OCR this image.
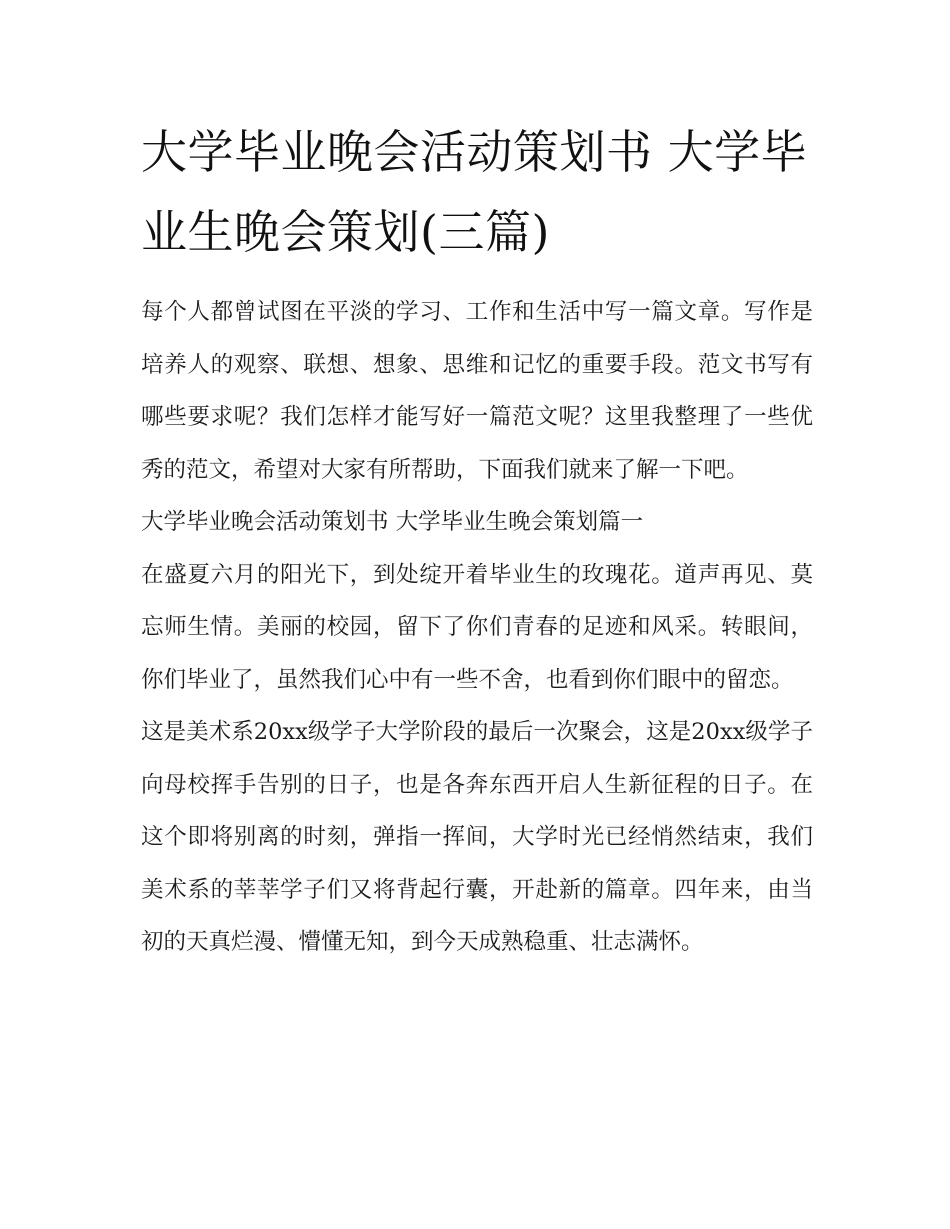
大学毕业晚会活动策划书 大学毕业生晚会策划(三篇)

每个人都曾试图在平淡的学习、工作和生活中写一篇文章。写作是培养人的观察、联想、想象、思维和记忆的重要手段。范文书写有哪些要求呢？我们怎样才能写好一篇范文呢？这里我整理了一些优秀的范文，希望对大家有所帮助，下面我们就来了解一下吧。

大学毕业晚会活动策划书 大学毕业生晚会策划篇一

在盛夏六月的阳光下，到处绽开着毕业生的玫瑰花。道声再见、莫忘师生情。美丽的校园，留下了你们青春的足迹和风采。转眼间，你们毕业了，虽然我们心中有一些不舍，也看到你们眼中的留恋。

这是美术系20xx级学子大学阶段的最后一次聚会，这是20xx级学子向母校挥手告别的日子，也是各奔东西开启人生新征程的日子。在这个即将别离的时刻，弹指一挥间，大学时光已经悄然结束，我们美术系的莘莘学子们又将背起行囊，开赴新的篇章。四年来，由当初的天真烂漫、懵懂无知，到今天成熟稳重、壮志满怀。
